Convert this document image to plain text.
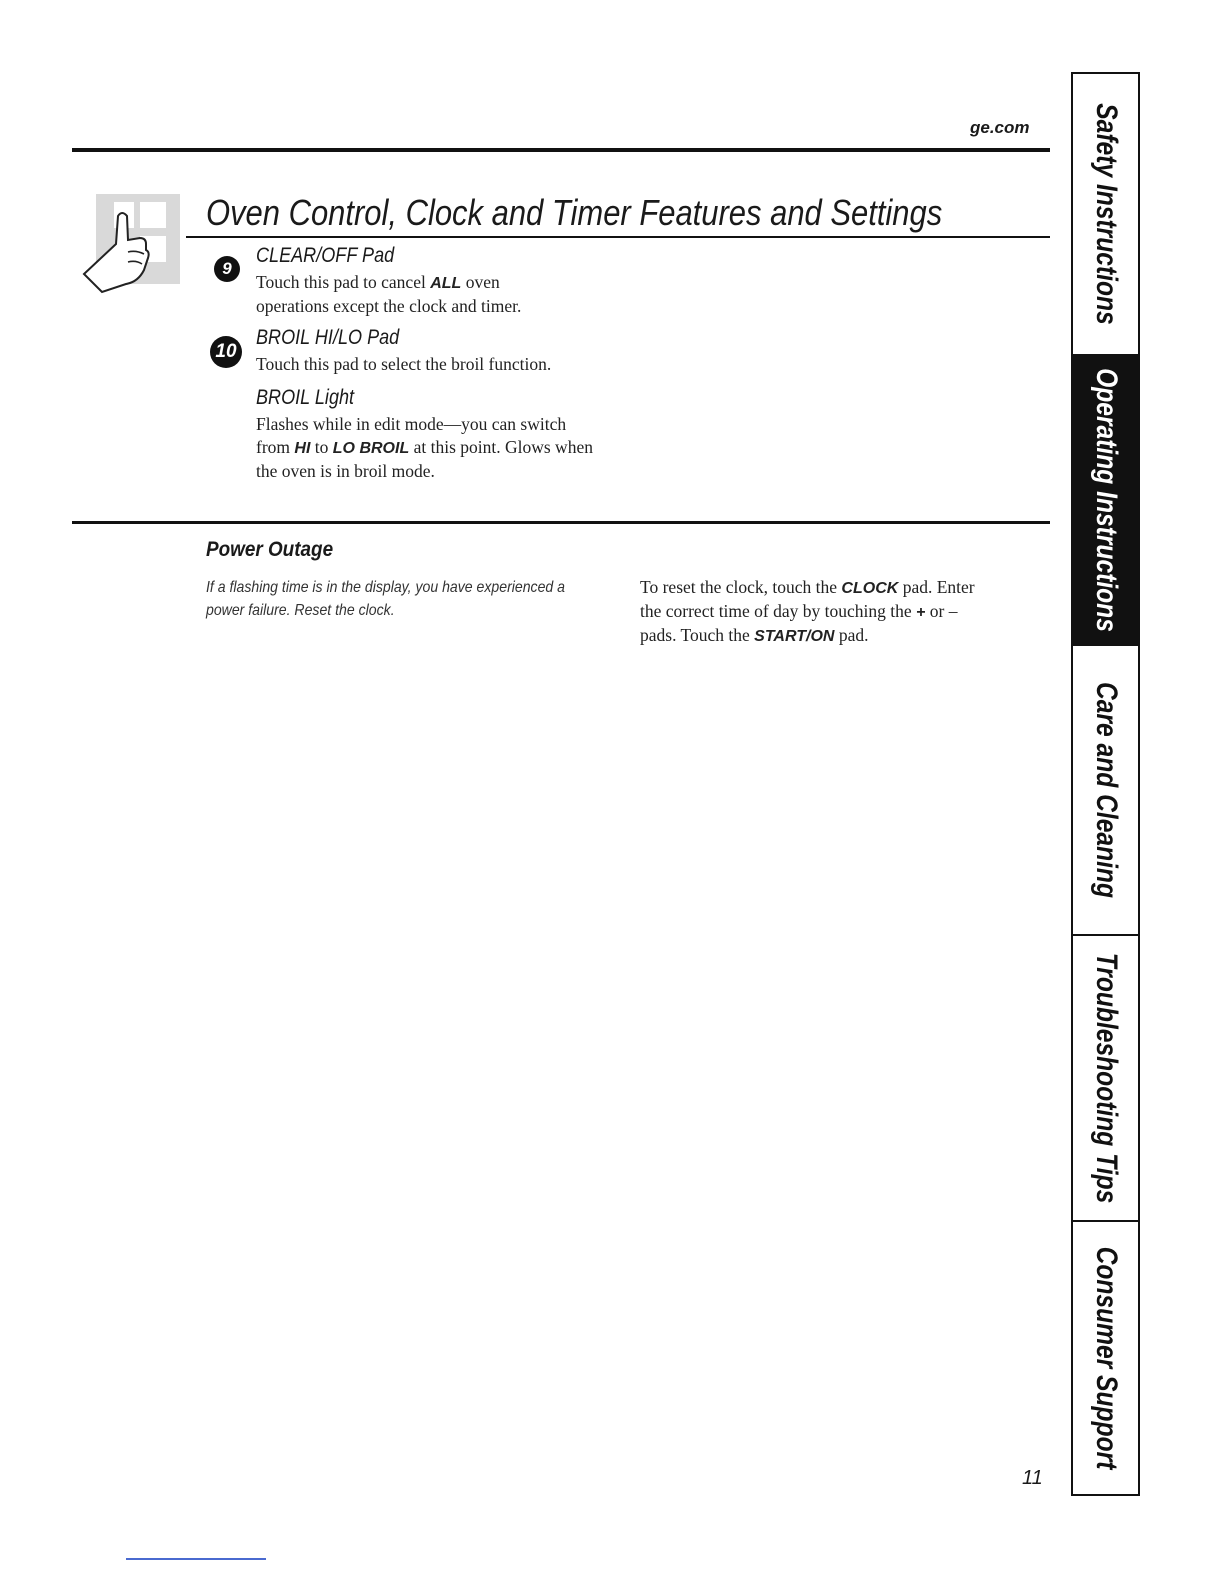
ge.com
Oven Control, Clock and Timer Features and Settings
9
CLEAR/OFF Pad
Touch this pad to cancel ALL oven
operations except the clock and timer.
10
BROIL HI/LO Pad
Touch this pad to select the broil function.
BROIL Light
Flashes while in edit mode—you can switch
from HI to LO BROIL at this point. Glows when
the oven is in broil mode.
Power Outage
If a flashing time is in the display, you have experienced a
power failure. Reset the clock.
To reset the clock, touch the CLOCK pad. Enter
the correct time of day by touching the + or –
pads. Touch the START/ON pad.
11
Safety Instructions
Operating Instructions
Care and Cleaning
Troubleshooting Tips
Consumer Support
